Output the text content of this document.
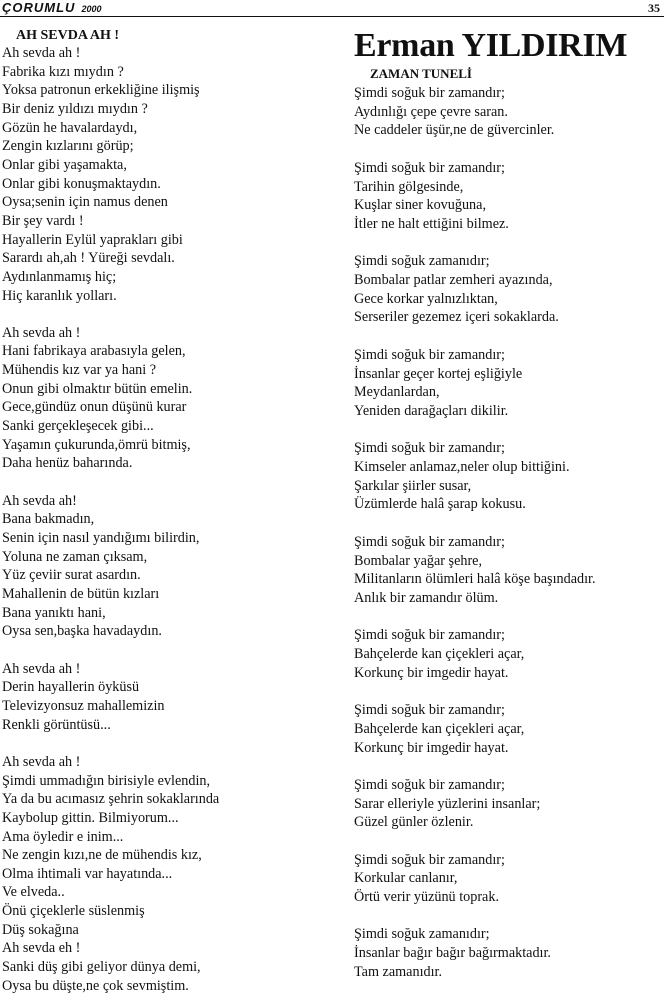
ÇORUMLU 2000	35
AH SEVDA AH !
Ah sevda ah !
Fabrika kızı mıydın ?
Yoksa patronun erkekliğine ilişmiş
Bir deniz yıldızı mıydın ?
Gözün he havalardaydı,
Zengin kızlarını görüp;
Onlar gibi yaşamakta,
Onlar gibi konuşmaktaydın.
Oysa;senin için namus denen
Bir şey vardı !
Hayallerin Eylül yaprakları gibi
Sarardı ah,ah ! Yüreği sevdalı.
Aydınlanmamış hiç;
Hiç karanlık yolları.
Ah sevda ah !
Hani fabrikaya arabasıyla gelen,
Mühendis kız var ya hani ?
Onun gibi olmaktır bütün emelin.
Gece,gündüz onun düşünü kurar
Sanki gerçekleşecek gibi...
Yaşamın çukurunda,ömrü bitmiş,
Daha henüz baharında.
Ah sevda ah!
Bana bakmadın,
Senin için nasıl yandığımı bilirdin,
Yoluna ne zaman çıksam,
Yüz çeviir surat asardın.
Mahallenin de bütün kızları
Bana yanıktı hani,
Oysa sen,başka havadaydın.
Ah sevda ah !
Derin hayallerin öyküsü
Televizyonsuz mahallemizin
Renkli görüntüsü...
Ah sevda ah !
Şimdi ummadığın birisiyle evlendin,
Ya da bu acımasız şehrin sokaklarında
Kaybolup gittin. Bilmiyorum...
Ama öyledir e inim...
Ne zengin kızı,ne de mühendis kız,
Olma ihtimali var hayatında...
Ve elveda..
Önü çiçeklerle süslenmiş
Düş sokağına
Ah sevda eh !
Sanki düş gibi geliyor dünya demi,
Oysa bu düşte,ne çok sevmiştim.
Erman YILDIRIM
ZAMAN TUNELİ
Şimdi soğuk bir zamandır;
Aydınlığı çepe çevre saran.
Ne caddeler üşür,ne de güvercinler.
Şimdi soğuk bir zamandır;
Tarihin gölgesinde,
Kuşlar siner kovuğuna,
İtler ne halt ettiğini bilmez.
Şimdi soğuk zamanıdır;
Bombalar patlar zemheri ayazında,
Gece korkar yalnızlıktan,
Serseriler gezemez içeri sokaklarda.
Şimdi soğuk bir zamandır;
İnsanlar geçer kortej eşliğiyle
Meydanlardan,
Yeniden darağaçları dikilir.
Şimdi soğuk bir zamandır;
Kimseler anlamaz,neler olup bittiğini.
Şarkılar şiirler susar,
Üzümlerde halâ şarap kokusu.
Şimdi soğuk bir zamandır;
Bombalar yağar şehre,
Militanların ölümleri halâ köşe başındadır.
Anlık bir zamandır ölüm.
Şimdi soğuk bir zamandır;
Bahçelerde kan çiçekleri açar,
Korkunç bir imgedir hayat.
Şimdi soğuk bir zamandır;
Bahçelerde kan çiçekleri açar,
Korkunç bir imgedir hayat.
Şimdi soğuk bir zamandır;
Sarar elleriyle yüzlerini insanlar;
Güzel günler özlenir.
Şimdi soğuk bir zamandır;
Korkular canlanır,
Örtü verir yüzünü toprak.
Şimdi soğuk zamanıdır;
İnsanlar bağır bağır bağırmaktadır.
Tam zamanıdır.
